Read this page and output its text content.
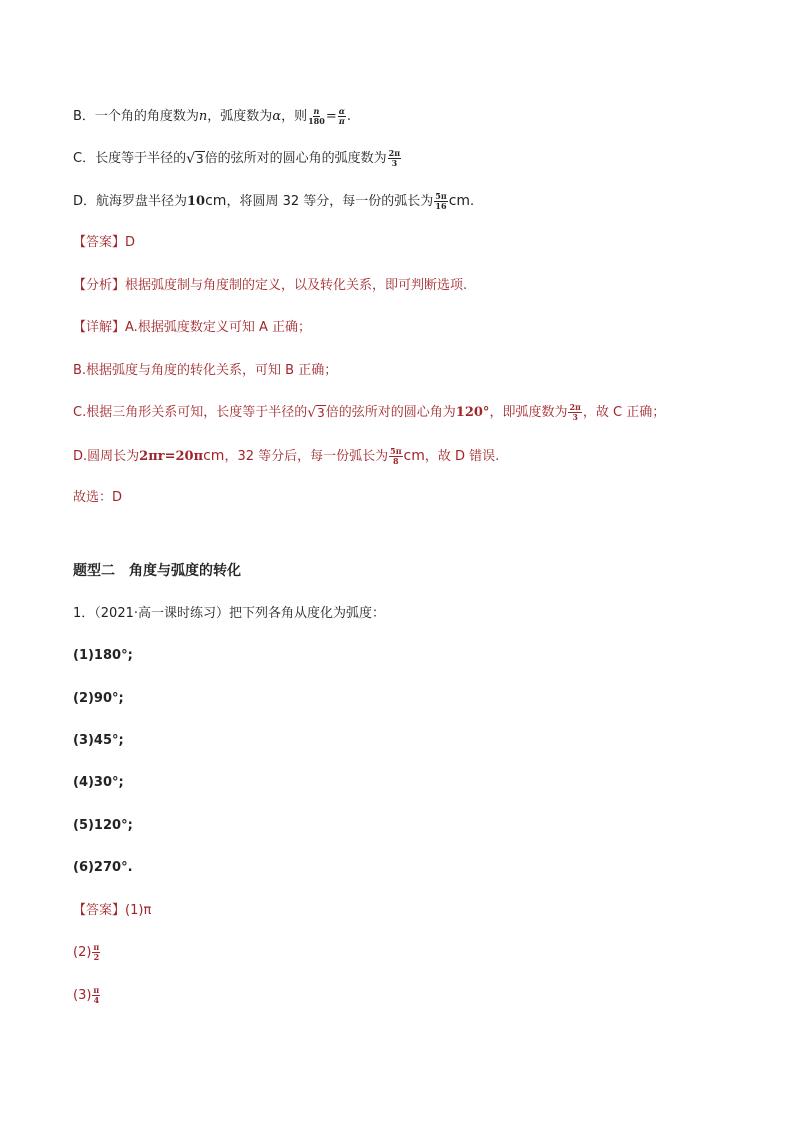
B．一个角的角度数为n，弧度数为α，则 $\frac{n}{180} = \frac{\alpha}{\pi}$ .
C．长度等于半径的 √ 3 倍的弦所对的圆心角的弧度数为 $\frac{2\pi}{3}$
D．航海罗盘半径为10cm，将圆周 32 等分，每一份的弧长为 $\frac{5\pi}{16}$ cm.
【答案】D
【分析】根据弧度制与角度制的定义，以及转化关系，即可判断选项.
【详解】A.根据弧度数定义可知 A 正确；
B.根据弧度与角度的转化关系，可知 B 正确；
C.根据三角形关系可知，长度等于半径的 √ 3 倍的弦所对的圆心角为120°，即弧度数为 $\frac{2\pi}{3}$ ，故 C 正确；
D.圆周长为2πr=20πcm，32 等分后，每一份弧长为 $\frac{5\pi}{8}$ cm，故 D 错误.
故选：D
题型二 角度与弧度的转化
1．（2021·高一课时练习）把下列各角从度化为弧度：
(1)180°;
(2)90°;
(3)45°;
(4)30°;
(5)120°;
(6)270°.
【答案】(1)π
$(2) \frac{\pi}{2}$
$(3) \frac{\pi}{4}$
